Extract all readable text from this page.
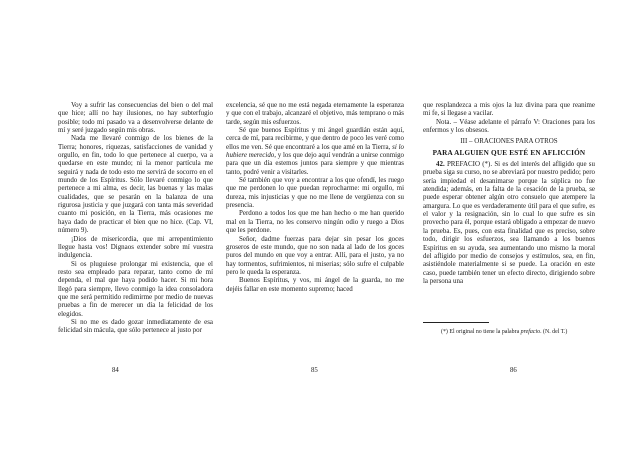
Voy a sufrir las consecuencias del bien o del mal que hice; allí no hay ilusiones, no hay subterfugio posible; todo mi pasado va a desenvolverse delante de mí y seré juzgado según mis obras.

Nada me llevaré conmigo de los bienes de la Tierra; honores, riquezas, satisfacciones de vanidad y orgullo, en fin, todo lo que pertenece al cuerpo, va a quedarse en este mundo; ni la menor partícula me seguirá y nada de todo esto me servirá de socorro en el mundo de los Espíritus. Sólo llevaré conmigo lo que pertenece a mi alma, es decir, las buenas y las malas cualidades, que se pesarán en la balanza de una rigurosa justicia y que juzgará con tanta más severidad cuanto mi posición, en la Tierra, más ocasiones me haya dado de practicar el bien que no hice. (Cap. VI, número 9).

¡Dios de misericordia, que mi arrepentimiento llegue hasta vos! Dignaos extender sobre mí vuestra indulgencia.

Si os pluguiese prolongar mi existencia, que el resto sea empleado para reparar, tanto como de mí dependa, el mal que haya podido hacer. Si mi hora llegó para siempre, llevo conmigo la idea consoladora que me será permitido redimirme por medio de nuevas pruebas a fin de merecer un día la felicidad de los elegidos.

Si no me es dado gozar inmediatamente de esa felicidad sin mácula, que sólo pertenece al justo por

excelencia, sé que no me está negada eternamente la esperanza y que con el trabajo, alcanzaré el objetivo, más temprano o más tarde, según mis esfuerzos.

Sé que buenos Espíritus y mi ángel guardián están aquí, cerca de mí, para recibirme, y que dentro de poco les veré como ellos me ven. Sé que encontraré a los que amé en la Tierra, si lo hubiere merecido, y los que dejo aquí vendrán a unirse conmigo para que un día estemos juntos para siempre y que mientras tanto, podré venir a visitarles.

Sé también que voy a encontrar a los que ofendí, les ruego que me perdonen lo que puedan reprocharme: mi orgullo, mi dureza, mis injusticias y que no me llene de vergüenza con su presencia.

Perdono a todos los que me han hecho o me han querido mal en la Tierra, no les conservo ningún odio y ruego a Dios que les perdone.

Señor, dadme fuerzas para dejar sin pesar los goces groseros de este mundo, que no son nada al lado de los goces puros del mundo en que voy a entrar. Allí, para el justo, ya no hay tormentos, sufrimientos, ni miserias; sólo sufre el culpable pero le queda la esperanza.

Buenos Espíritus, y vos, mi ángel de la guarda, no me dejéis fallar en este momento supremo; haced

que resplandezca a mis ojos la luz divina para que reanime mi fe, si llegase a vacilar.

Nota. – Véase adelante el párrafo V: Oraciones para los enfermos y los obsesos.

III – ORACIONES PARA OTROS

PARA ALGUIEN QUE ESTÉ EN AFLICCIÓN

42. PREFACIO (*). Si es del interés del afligido que su prueba siga su curso, no se abreviará por nuestro pedido; pero sería impiedad el desanimarse porque la súplica no fue atendida; además, en la falta de la cesación de la prueba, se puede esperar obtener algún otro consuelo que atempere la amargura. Lo que es verdaderamente útil para el que sufre, es el valor y la resignación, sin lo cual lo que sufre es sin provecho para él, porque estará obligado a empezar de nuevo la prueba. Es, pues, con esta finalidad que es preciso, sobre todo, dirigir los esfuerzos, sea llamando a los buenos Espíritus en su ayuda, sea aumentando uno mismo la moral del afligido por medio de consejos y estímulos, sea, en fin, asistiéndole materialmente si se puede. La oración en este caso, puede también tener un efecto directo, dirigiendo sobre la persona una

(*) El original no tiene la palabra prefacio. (N. del T.)

84	85	86
